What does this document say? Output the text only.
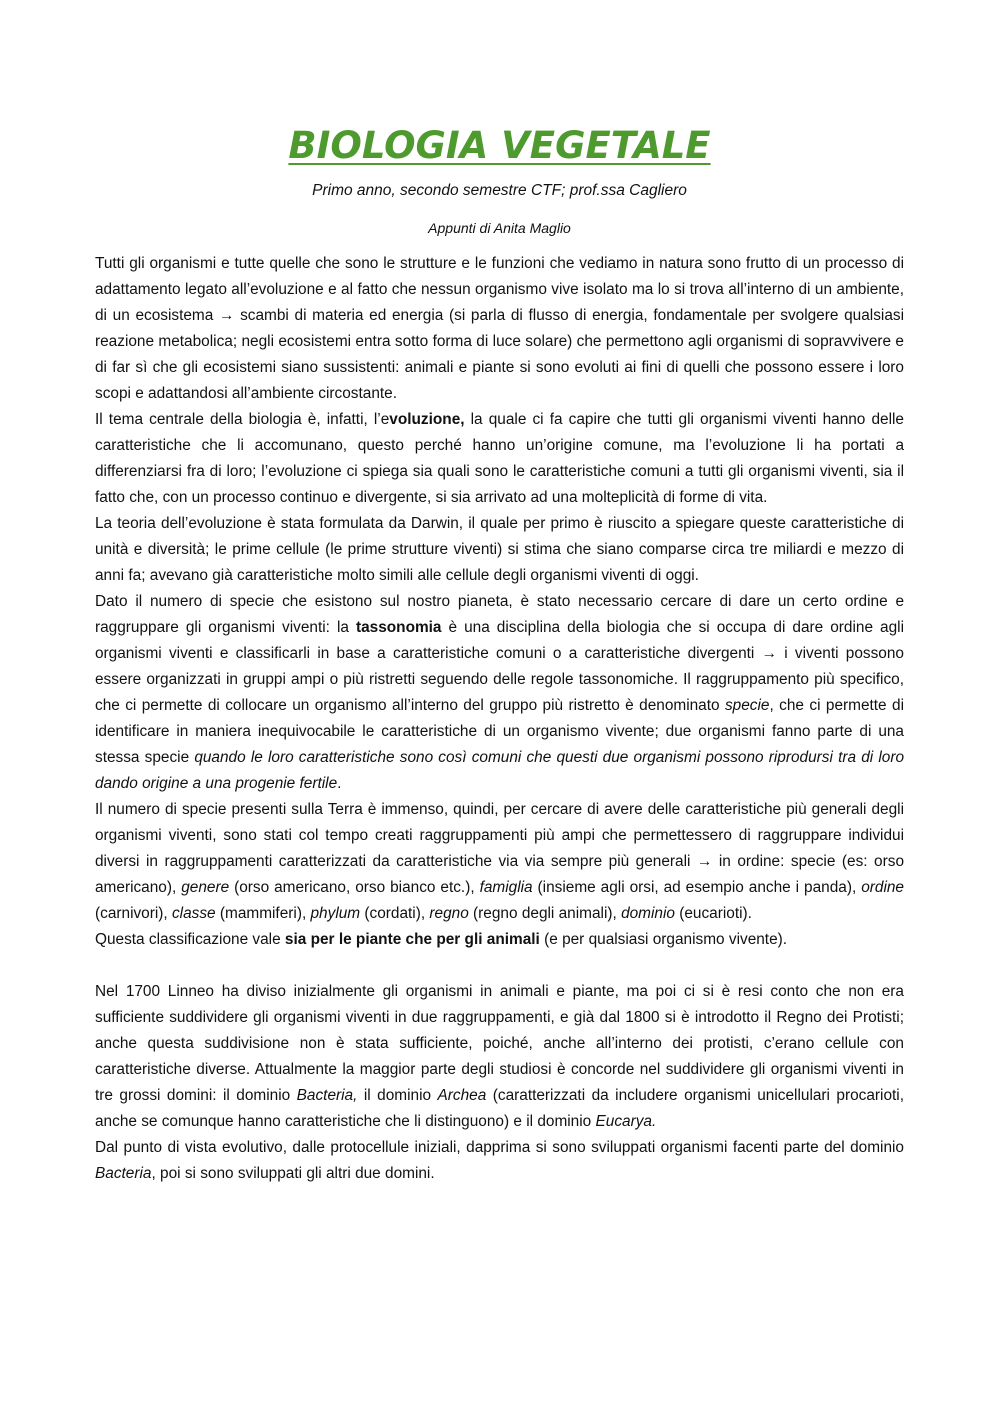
BIOLOGIA VEGETALE

Primo anno, secondo semestre CTF; prof.ssa Cagliero

Appunti di Anita Maglio

Tutti gli organismi e tutte quelle che sono le strutture e le funzioni che vediamo in natura sono frutto di un processo di adattamento legato all’evoluzione e al fatto che nessun organismo vive isolato ma lo si trova all’interno di un ambiente, di un ecosistema → scambi di materia ed energia (si parla di flusso di energia, fondamentale per svolgere qualsiasi reazione metabolica; negli ecosistemi entra sotto forma di luce solare) che permettono agli organismi di sopravvivere e di far sì che gli ecosistemi siano sussistenti: animali e piante si sono evoluti ai fini di quelli che possono essere i loro scopi e adattandosi all’ambiente circostante.

Il tema centrale della biologia è, infatti, l’evoluzione, la quale ci fa capire che tutti gli organismi viventi hanno delle caratteristiche che li accomunano, questo perché hanno un’origine comune, ma l’evoluzione li ha portati a differenziarsi fra di loro; l’evoluzione ci spiega sia quali sono le caratteristiche comuni a tutti gli organismi viventi, sia il fatto che, con un processo continuo e divergente, si sia arrivato ad una molteplicità di forme di vita.

La teoria dell’evoluzione è stata formulata da Darwin, il quale per primo è riuscito a spiegare queste caratteristiche di unità e diversità; le prime cellule (le prime strutture viventi) si stima che siano comparse circa tre miliardi e mezzo di anni fa; avevano già caratteristiche molto simili alle cellule degli organismi viventi di oggi.

Dato il numero di specie che esistono sul nostro pianeta, è stato necessario cercare di dare un certo ordine e raggruppare gli organismi viventi: la tassonomia è una disciplina della biologia che si occupa di dare ordine agli organismi viventi e classificarli in base a caratteristiche comuni o a caratteristiche divergenti → i viventi possono essere organizzati in gruppi ampi o più ristretti seguendo delle regole tassonomiche. Il raggruppamento più specifico, che ci permette di collocare un organismo all’interno del gruppo più ristretto è denominato specie, che ci permette di identificare in maniera inequivocabile le caratteristiche di un organismo vivente; due organismi fanno parte di una stessa specie quando le loro caratteristiche sono così comuni che questi due organismi possono riprodursi tra di loro dando origine a una progenie fertile.

Il numero di specie presenti sulla Terra è immenso, quindi, per cercare di avere delle caratteristiche più generali degli organismi viventi, sono stati col tempo creati raggruppamenti più ampi che permettessero di raggruppare individui diversi in raggruppamenti caratterizzati da caratteristiche via via sempre più generali → in ordine: specie (es: orso americano), genere (orso americano, orso bianco etc.), famiglia (insieme agli orsi, ad esempio anche i panda), ordine (carnivori), classe (mammiferi), phylum (cordati), regno (regno degli animali), dominio (eucarioti).

Questa classificazione vale sia per le piante che per gli animali (e per qualsiasi organismo vivente).

Nel 1700 Linneo ha diviso inizialmente gli organismi in animali e piante, ma poi ci si è resi conto che non era sufficiente suddividere gli organismi viventi in due raggruppamenti, e già dal 1800 si è introdotto il Regno dei Protisti; anche questa suddivisione non è stata sufficiente, poiché, anche all’interno dei protisti, c’erano cellule con caratteristiche diverse. Attualmente la maggior parte degli studiosi è concorde nel suddividere gli organismi viventi in tre grossi domini: il dominio Bacteria, il dominio Archea (caratterizzati da includere organismi unicellulari procarioti, anche se comunque hanno caratteristiche che li distinguono) e il dominio Eucarya.

Dal punto di vista evolutivo, dalle protocellule iniziali, dapprima si sono sviluppati organismi facenti parte del dominio Bacteria, poi si sono sviluppati gli altri due domini.
